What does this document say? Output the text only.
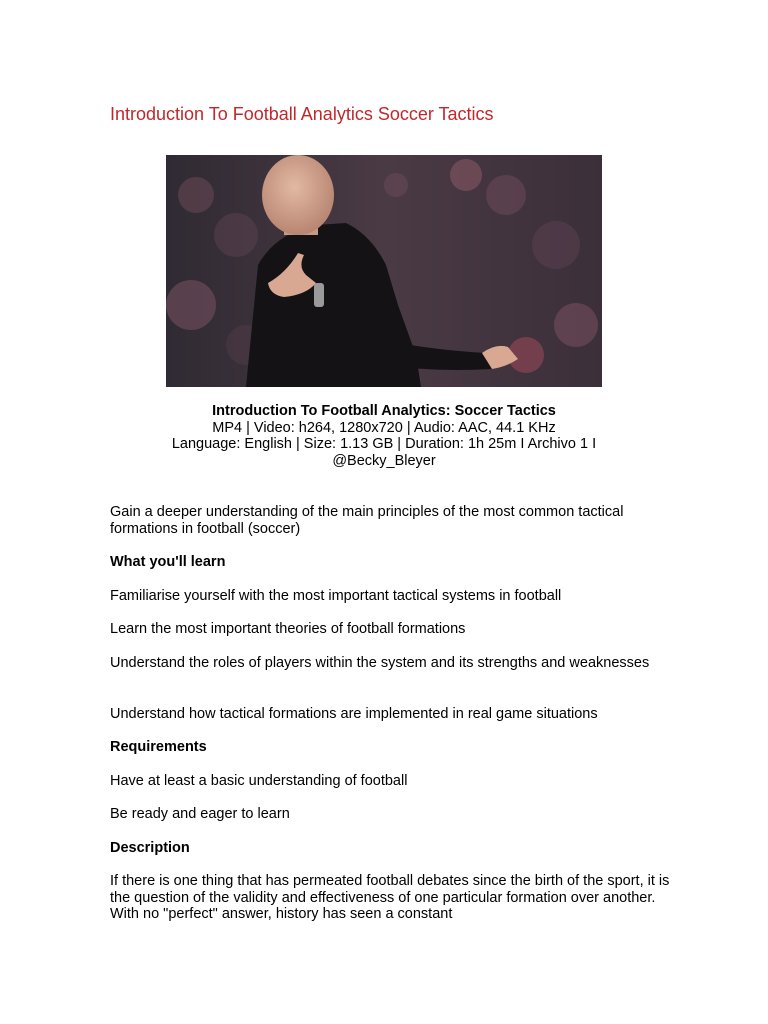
Introduction To Football Analytics Soccer Tactics
Introduction To Football Analytics: Soccer Tactics
MP4 | Video: h264, 1280x720 | Audio: AAC, 44.1 KHz
Language: English | Size: 1.13 GB | Duration: 1h 25m I Archivo 1 I
@Becky_Bleyer

Gain a deeper understanding of the main principles of the most common tactical formations in football (soccer)

What you'll learn

Familiarise yourself with the most important tactical systems in football

Learn the most important theories of football formations

Understand the roles of players within the system and its strengths and weaknesses

Understand how tactical formations are implemented in real game situations

Requirements

Have at least a basic understanding of football

Be ready and eager to learn

Description

If there is one thing that has permeated football debates since the birth of the sport, it is the question of the validity and effectiveness of one particular formation over another. With no "perfect" answer, history has seen a constant
